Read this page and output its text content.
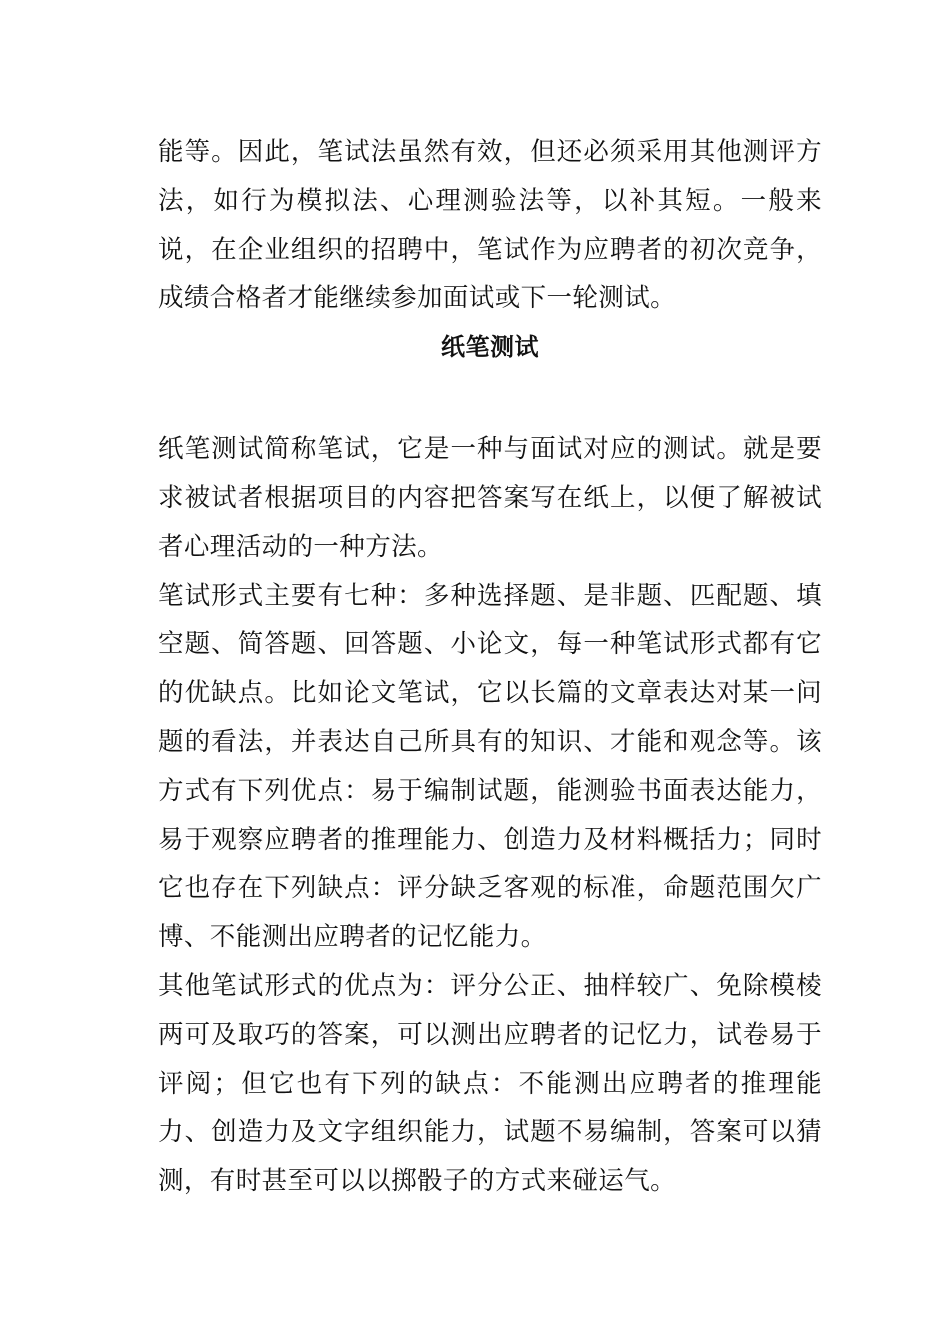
能等。因此，笔试法虽然有效，但还必须采用其他测评方法，如行为模拟法、心理测验法等，以补其短。一般来说，在企业组织的招聘中，笔试作为应聘者的初次竞争，成绩合格者才能继续参加面试或下一轮测试。

纸笔测试

纸笔测试简称笔试，它是一种与面试对应的测试。就是要求被试者根据项目的内容把答案写在纸上，以便了解被试者心理活动的一种方法。

笔试形式主要有七种：多种选择题、是非题、匹配题、填空题、简答题、回答题、小论文，每一种笔试形式都有它的优缺点。比如论文笔试，它以长篇的文章表达对某一问题的看法，并表达自己所具有的知识、才能和观念等。该方式有下列优点：易于编制试题，能测验书面表达能力，易于观察应聘者的推理能力、创造力及材料概括力；同时它也存在下列缺点：评分缺乏客观的标准，命题范围欠广博、不能测出应聘者的记忆能力。

其他笔试形式的优点为：评分公正、抽样较广、免除模棱两可及取巧的答案，可以测出应聘者的记忆力，试卷易于评阅；但它也有下列的缺点：不能测出应聘者的推理能力、创造力及文字组织能力，试题不易编制，答案可以猜测，有时甚至可以以掷骰子的方式来碰运气。
